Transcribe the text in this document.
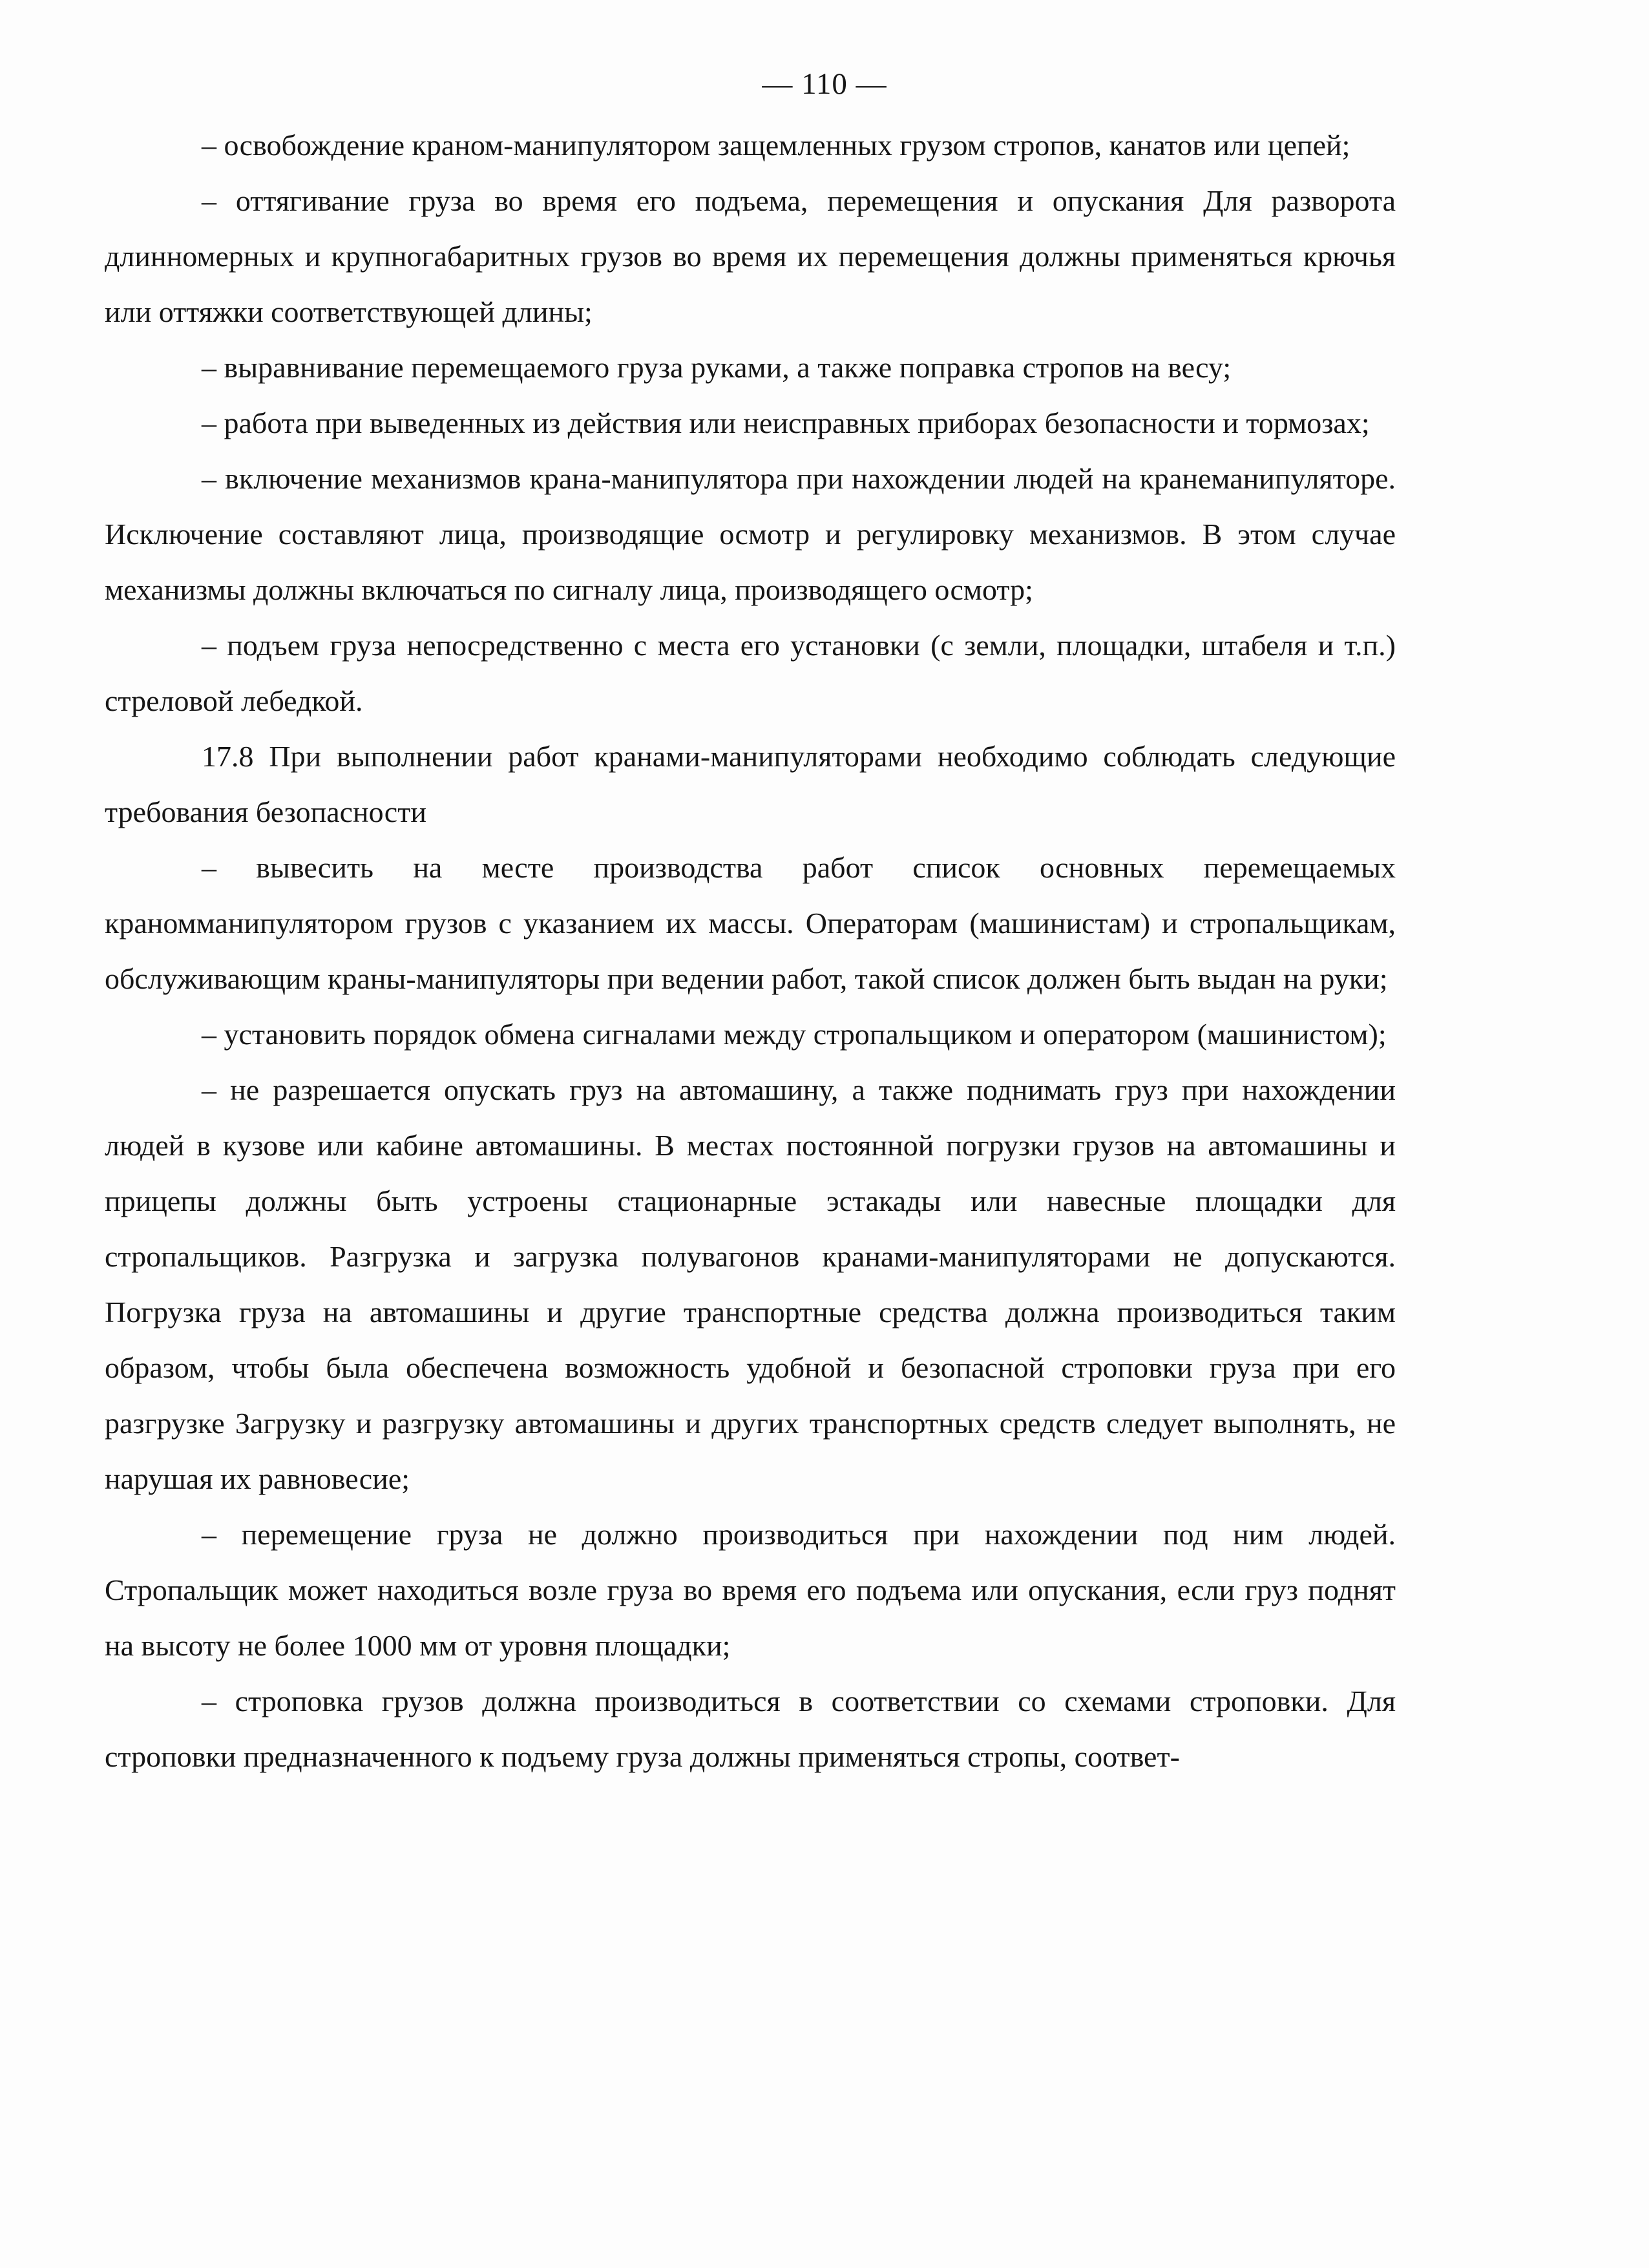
— 110 —

– освобождение краном-манипулятором защемленных грузом стропов, канатов или цепей;

– оттягивание груза во время его подъема, перемещения и опускания Для разворота длинномерных и крупногабаритных грузов во время их перемещения должны применяться крючья или оттяжки соответствующей длины;

– выравнивание перемещаемого груза руками, а также поправка стропов на весу;

– работа при выведенных из действия или неисправных приборах безопасности и тормозах;

– включение механизмов крана-манипулятора при нахождении людей на кранеманипуляторе. Исключение составляют лица, производящие осмотр и регулировку механизмов. В этом случае механизмы должны включаться по сигналу лица, производящего осмотр;

– подъем груза непосредственно с места его установки (с земли, площадки, штабеля и т.п.) стреловой лебедкой.

17.8 При выполнении работ кранами-манипуляторами необходимо соблюдать следующие требования безопасности

– вывесить на месте производства работ список основных перемещаемых краномманипулятором грузов с указанием их массы. Операторам (машинистам) и стропальщикам, обслуживающим краны-манипуляторы при ведении работ, такой список должен быть выдан на руки;

– установить порядок обмена сигналами между стропальщиком и оператором (машинистом);

– не разрешается опускать груз на автомашину, а также поднимать груз при нахождении людей в кузове или кабине автомашины. В местах постоянной погрузки грузов на автомашины и прицепы должны быть устроены стационарные эстакады или навесные площадки для стропальщиков. Разгрузка и загрузка полувагонов кранами-манипуляторами не допускаются. Погрузка груза на автомашины и другие транспортные средства должна производиться таким образом, чтобы была обеспечена возможность удобной и безопасной строповки груза при его разгрузке Загрузку и разгрузку автомашины и других транспортных средств следует выполнять, не нарушая их равновесие;

– перемещение груза не должно производиться при нахождении под ним людей. Стропальщик может находиться возле груза во время его подъема или опускания, если груз поднят на высоту не более 1000 мм от уровня площадки;

– строповка грузов должна производиться в соответствии со схемами строповки. Для строповки предназначенного к подъему груза должны применяться стропы, соответ-
